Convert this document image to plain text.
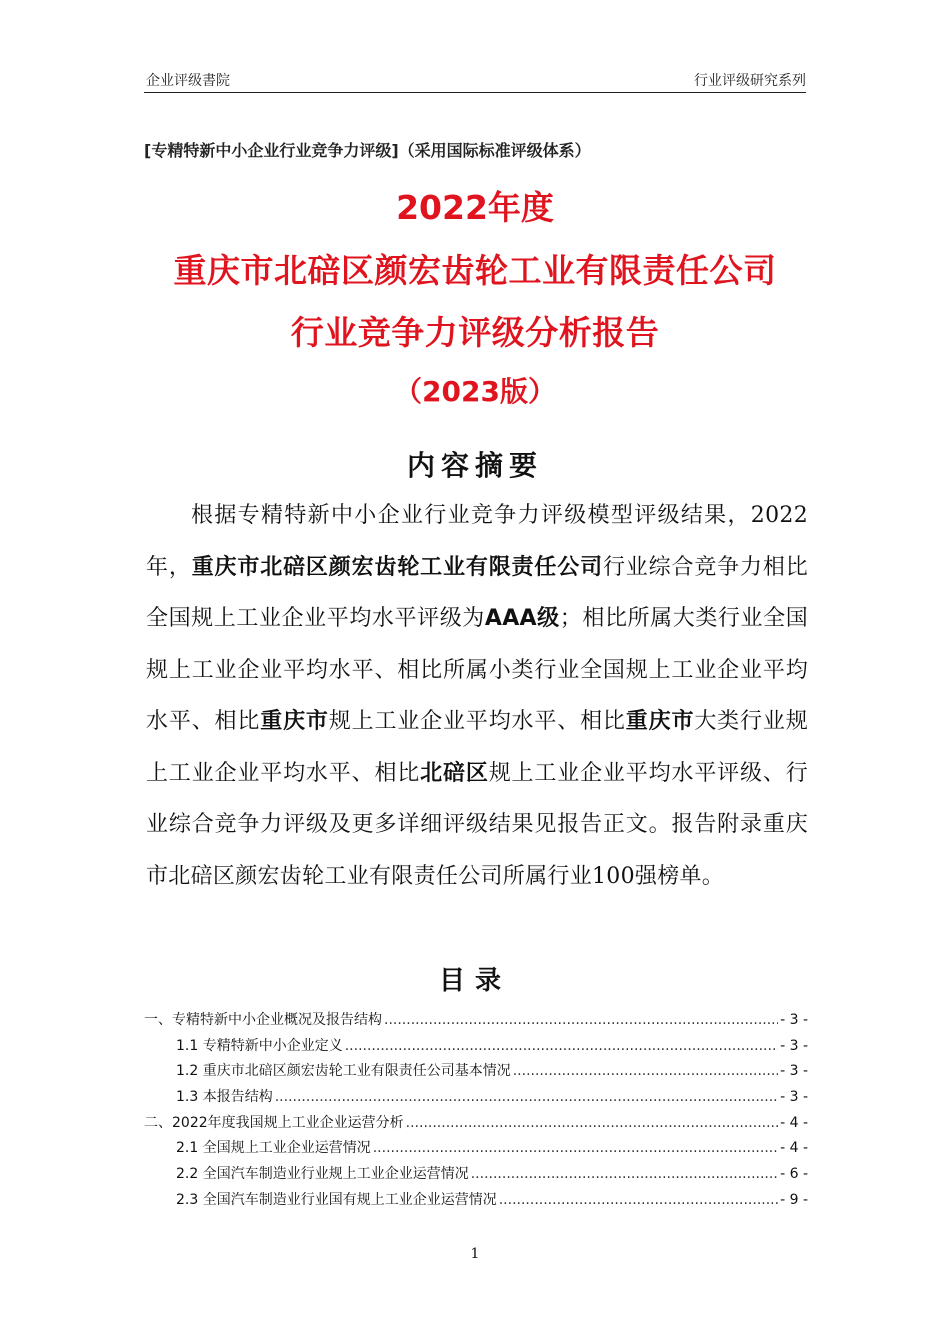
企业评级書院	行业评级研究系列
[专精特新中小企业行业竞争力评级]（采用国际标准评级体系）
2022年度
重庆市北碚区颜宏齿轮工业有限责任公司
行业竞争力评级分析报告
（2023版）
内容摘要
根据专精特新中小企业行业竞争力评级模型评级结果，2022年，重庆市北碚区颜宏齿轮工业有限责任公司行业综合竞争力相比全国规上工业企业平均水平评级为AAA级；相比所属大类行业全国规上工业企业平均水平、相比所属小类行业全国规上工业企业平均水平、相比重庆市规上工业企业平均水平、相比重庆市大类行业规上工业企业平均水平、相比北碚区规上工业企业平均水平评级、行业综合竞争力评级及更多详细评级结果见报告正文。报告附录重庆市北碚区颜宏齿轮工业有限责任公司所属行业100强榜单。
目录
一、专精特新中小企业概况及报告结构 .....	- 3 -
1.1 专精特新中小企业定义 .....	- 3 -
1.2 重庆市北碚区颜宏齿轮工业有限责任公司基本情况 .....	- 3 -
1.3 本报告结构 .....	- 3 -
二、2022年度我国规上工业企业运营分析 .....	- 4 -
2.1 全国规上工业企业运营情况 .....	- 4 -
2.2 全国汽车制造业行业规上工业企业运营情况 .....	- 6 -
2.3 全国汽车制造业行业国有规上工业企业运营情况 .....	- 9 -
1
